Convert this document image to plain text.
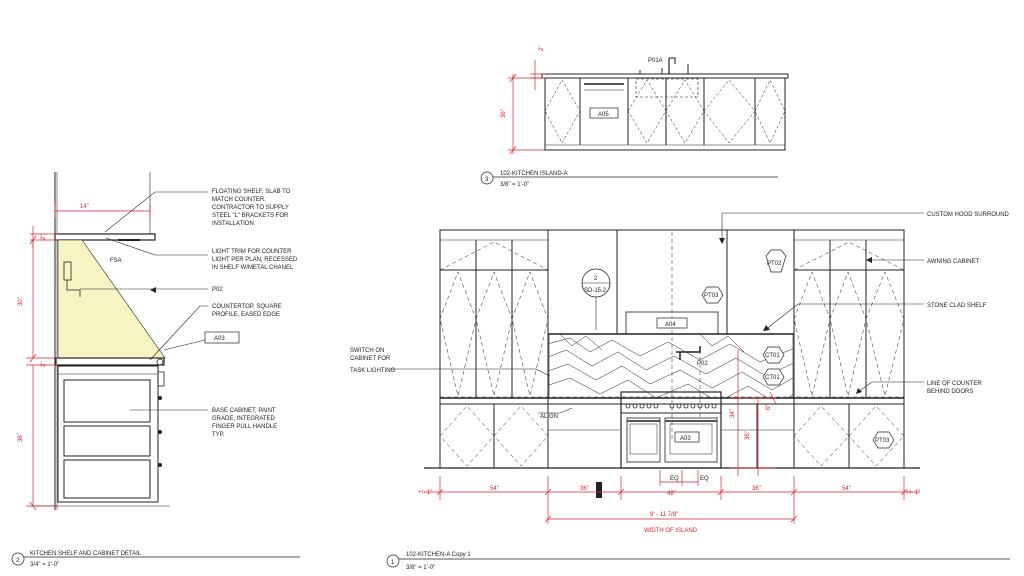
14"
2"
30"
2"
36"
FSA
FLOATING SHELF, SLAB TO
MATCH COUNTER,
CONTRACTOR TO SUPPLY
STEEL "L" BRACKETS FOR
INSTALLATION
LIGHT TRIM FOR COUNTER
LIGHT PER PLAN, RECESSED
IN SHELF W/METAL CHANEL
P02
COUNTERTOP, SQUARE
PROFILE, EASED EDGE
A03
BASE CABINET, PAINT
GRADE, INTEGRATED
FINGER PULL HANDLE
TYP.
2
KITCHEN SHELF AND CABINET DETAIL
3/4" = 1'-0"
A05
P01A
2"
36"
3
102-KITCHEN ISLAND-A
3/8" = 1'-0"
PT02
PT03
PT03
CT01
CT01
A04
A03
P02
2
SD-15.2
CUSTOM HOOD SURROUND
AWNING CABINET
STONE CLAD SHELF
LINE OF COUNTER
BEHIND DOORS
SWITCH ON
CABINET FOR
TASK LIGHTING
ALIGN
+/- 1"	+/- 1"
54"	36"
48"
36"	54"
EQ	EQ
9' - 11 7/8"
WIDTH OF ISLAND
36"
34"
6"
1
102-KITCHEN-A Copy 1
3/8" = 1'-0"
